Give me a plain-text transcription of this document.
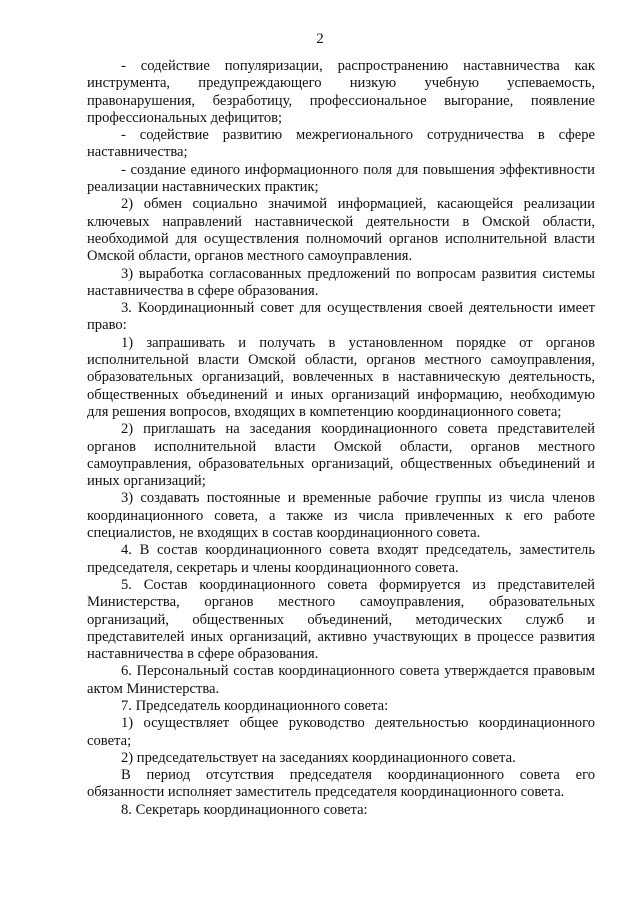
2

- содействие популяризации, распространению наставничества как инструмента, предупреждающего низкую учебную успеваемость, правонарушения, безработицу, профессиональное выгорание, появление профессиональных дефицитов;

- содействие развитию межрегионального сотрудничества в сфере наставничества;

- создание единого информационного поля для повышения эффективности реализации наставнических практик;

2) обмен социально значимой информацией, касающейся реализации ключевых направлений наставнической деятельности в Омской области, необходимой для осуществления полномочий органов исполнительной власти Омской области, органов местного самоуправления.

3) выработка согласованных предложений по вопросам развития системы наставничества в сфере образования.

3. Координационный совет для осуществления своей деятельности имеет право:

1) запрашивать и получать в установленном порядке от органов исполнительной власти Омской области, органов местного самоуправления, образовательных организаций, вовлеченных в наставническую деятельность, общественных объединений и иных организаций информацию, необходимую для решения вопросов, входящих в компетенцию координационного совета;

2) приглашать на заседания координационного совета представителей органов исполнительной власти Омской области, органов местного самоуправления, образовательных организаций, общественных объединений и иных организаций;

3) создавать постоянные и временные рабочие группы из числа членов координационного совета, а также из числа привлеченных к его работе специалистов, не входящих в состав координационного совета.

4. В состав координационного совета входят председатель, заместитель председателя, секретарь и члены координационного совета.

5. Состав координационного совета формируется из представителей Министерства, органов местного самоуправления, образовательных организаций, общественных объединений, методических служб и представителей иных организаций, активно участвующих в процессе развития наставничества в сфере образования.

6. Персональный состав координационного совета утверждается правовым актом Министерства.

7. Председатель координационного совета:

1) осуществляет общее руководство деятельностью координационного совета;

2) председательствует на заседаниях координационного совета.

В период отсутствия председателя координационного совета его обязанности исполняет заместитель председателя координационного совета.

8. Секретарь координационного совета:
